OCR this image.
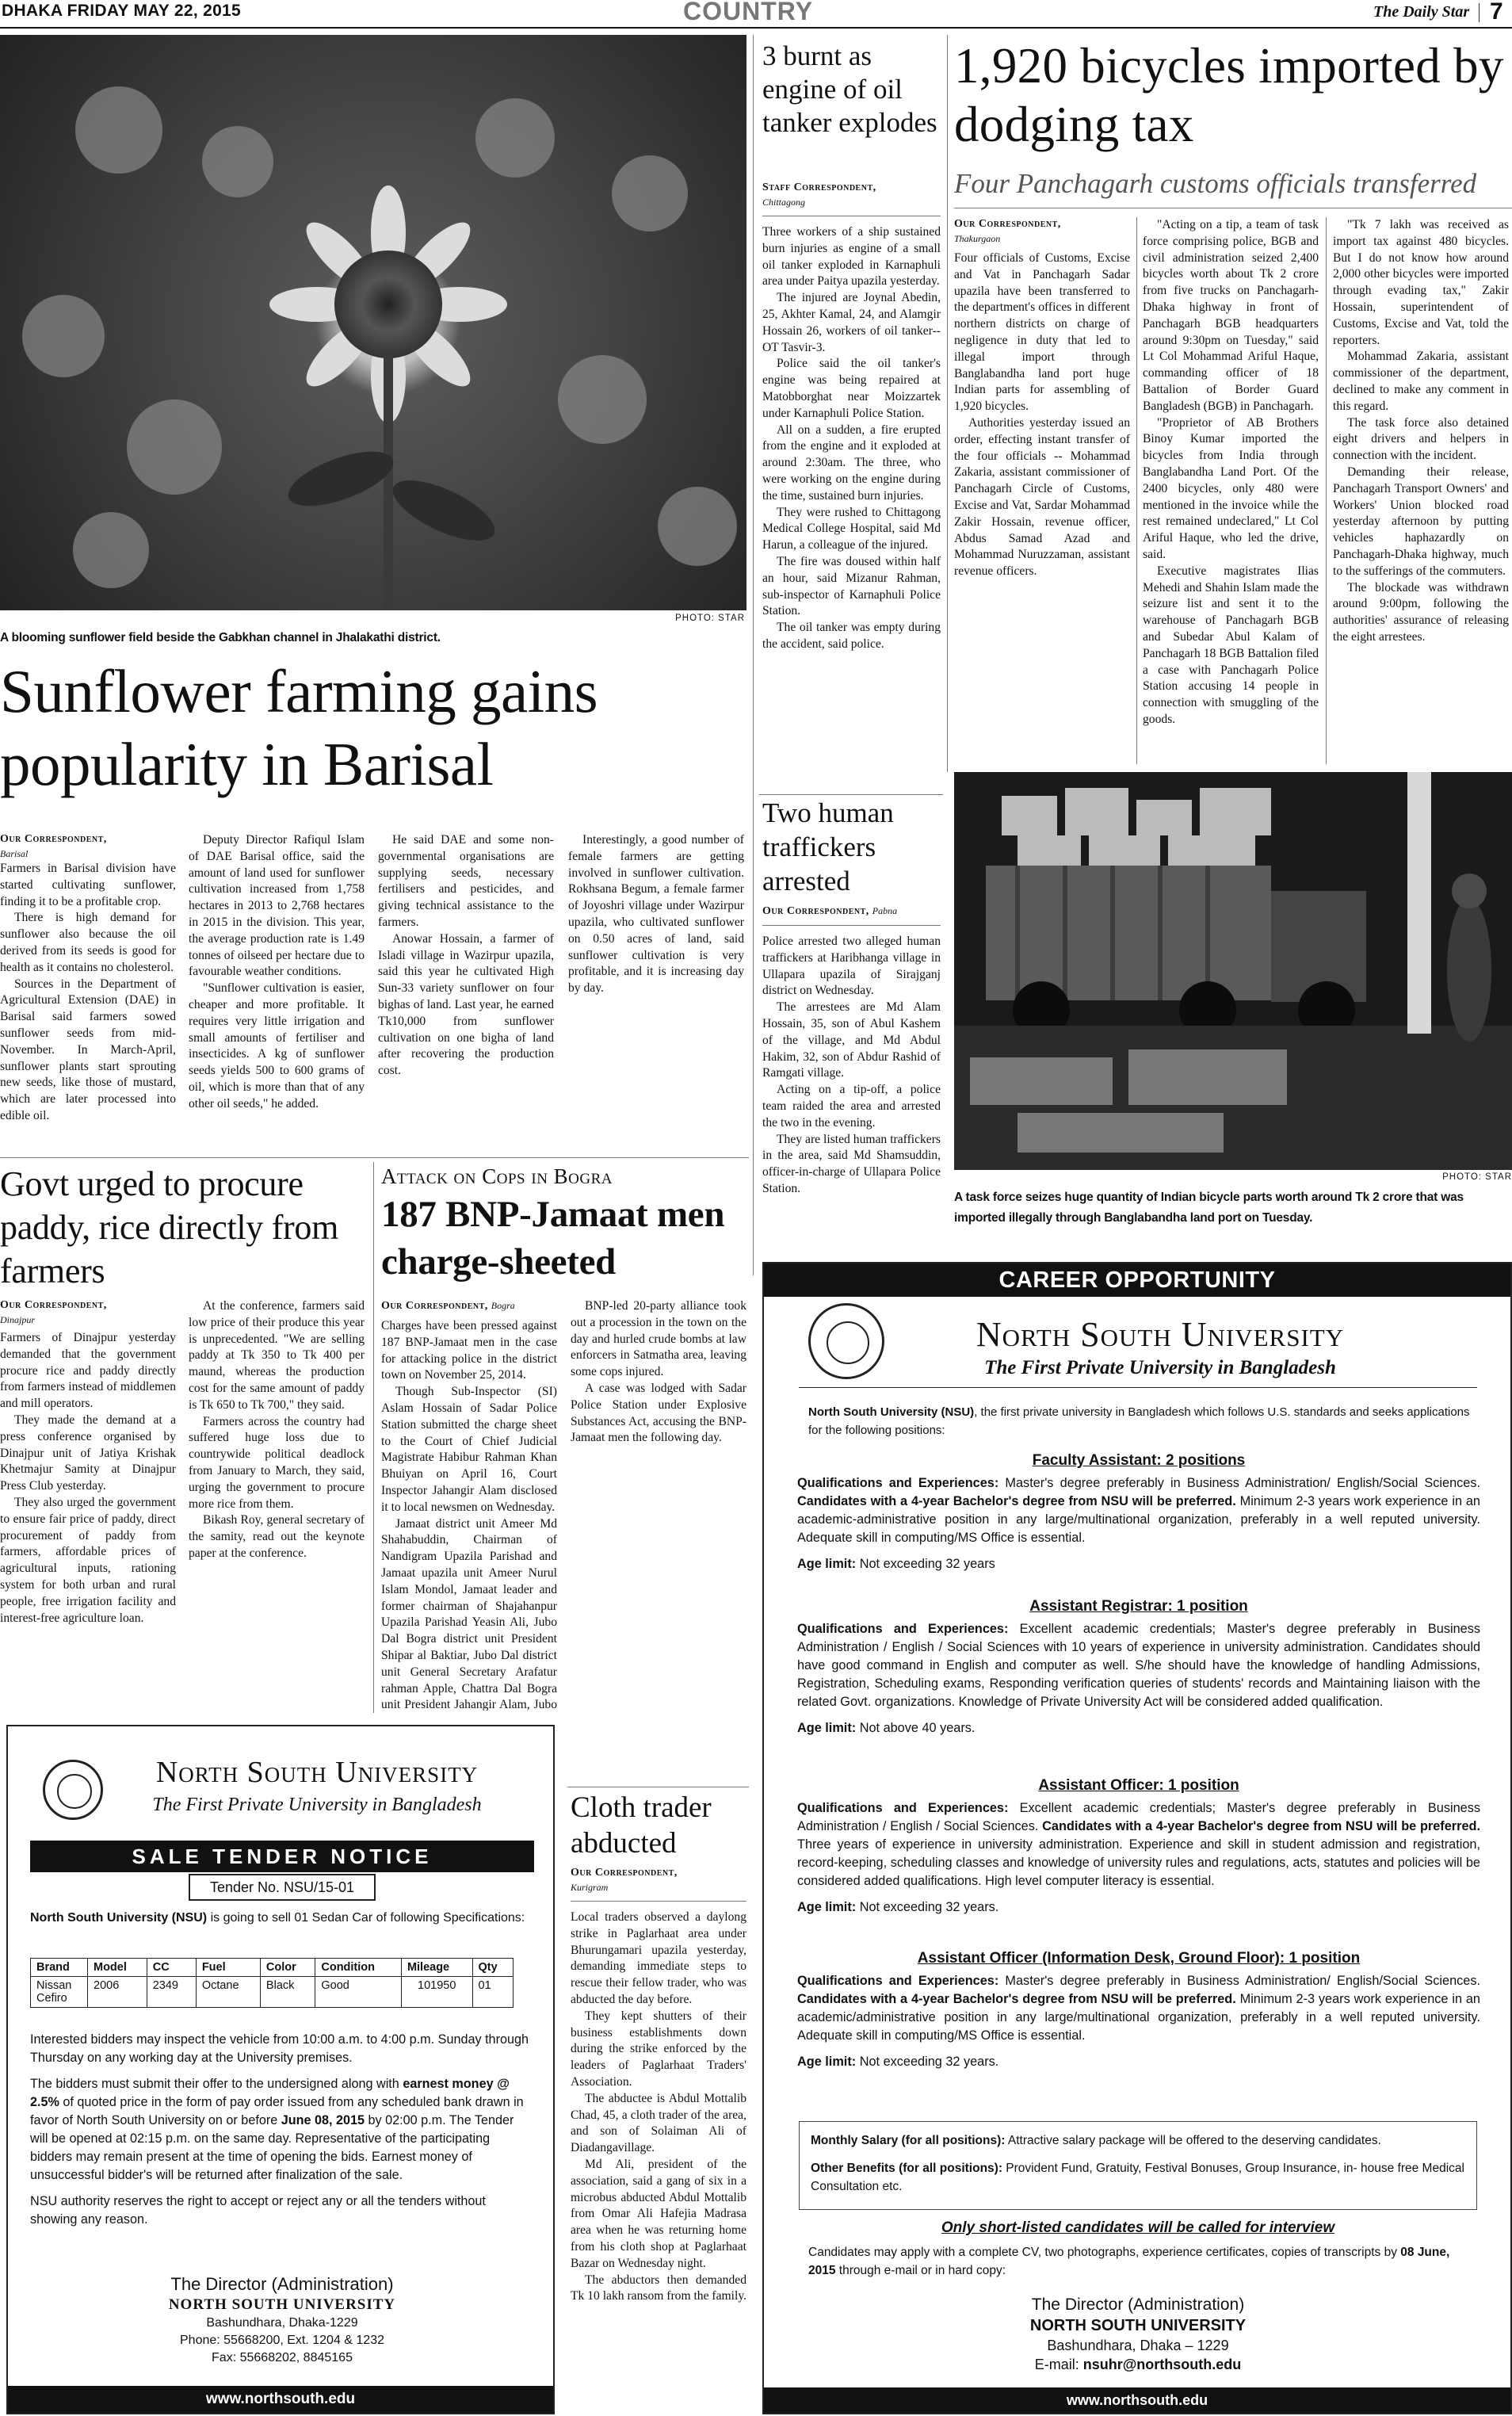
DHAKA FRIDAY MAY 22, 2015	COUNTRY	The Daily Star 7
PHOTO: STAR
A blooming sunflower field beside the Gabkhan channel in Jhalakathi district.
Sunflower farming gains popularity in Barisal
Our Correspondent,
Barisal

Farmers in Barisal division have started cultivating sunflower, finding it to be a profitable crop.

There is high demand for sunflower also because the oil derived from its seeds is good for health as it contains no cholesterol.

Sources in the Department of Agricultural Extension (DAE) in Barisal said farmers sowed sunflower seeds from mid-November. In March-April, sunflower plants start sprouting new seeds, like those of mustard, which are later processed into edible oil.

Deputy Director Rafiqul Islam of DAE Barisal office, said the amount of land used for sunflower cultivation increased from 1,758 hectares in 2013 to 2,768 hectares in 2015 in the division. This year, the average production rate is 1.49 tonnes of oilseed per hectare due to favourable weather conditions.

"Sunflower cultivation is easier, cheaper and more profitable. It requires very little irrigation and small amounts of fertiliser and insecticides. A kg of sunflower seeds yields 500 to 600 grams of oil, which is more than that of any other oil seeds," he added.

He said DAE and some non-governmental organisations are supplying seeds, necessary fertilisers and pesticides, and giving technical assistance to the farmers.

Anowar Hossain, a farmer of Isladi village in Wazirpur upazila, said this year he cultivated High Sun-33 variety sunflower on four bighas of land. Last year, he earned Tk10,000 from sunflower cultivation on one bigha of land after recovering the production cost.

Interestingly, a good number of female farmers are getting involved in sunflower cultivation. Rokhsana Begum, a female farmer of Joyoshri village under Wazirpur upazila, who cultivated sunflower on 0.50 acres of land, said sunflower cultivation is very profitable, and it is increasing day by day.

3 burnt as engine of oil tanker explodes
Staff Correspondent,
Chittagong

Three workers of a ship sustained burn injuries as engine of a small oil tanker exploded in Karnaphuli area under Paitya upazila yesterday.

The injured are Joynal Abedin, 25, Akhter Kamal, 24, and Alamgir Hossain 26, workers of oil tanker-- OT Tasvir-3.

Police said the oil tanker's engine was being repaired at Matobborghat near Moizzartek under Karnaphuli Police Station.

All on a sudden, a fire erupted from the engine and it exploded at around 2:30am. The three, who were working on the engine during the time, sustained burn injuries.

They were rushed to Chittagong Medical College Hospital, said Md Harun, a colleague of the injured.

The fire was doused within half an hour, said Mizanur Rahman, sub-inspector of Karnaphuli Police Station.

The oil tanker was empty during the accident, said police.

Two human traffickers arrested
Our Correspondent, Pabna

Police arrested two alleged human traffickers at Haribhanga village in Ullapara upazila of Sirajganj district on Wednesday.

The arrestees are Md Alam Hossain, 35, son of Abul Kashem of the village, and Md Abdul Hakim, 32, son of Abdur Rashid of Ramgati village.

Acting on a tip-off, a police team raided the area and arrested the two in the evening.

They are listed human traffickers in the area, said Md Shamsuddin, officer-in-charge of Ullapara Police Station.

1,920 bicycles imported by dodging tax
Four Panchagarh customs officials transferred
Our Correspondent,
Thakurgaon

Four officials of Customs, Excise and Vat in Panchagarh Sadar upazila have been transferred to the department's offices in different northern districts on charge of negligence in duty that led to illegal import through Banglabandha land port huge Indian parts for assembling of 1,920 bicycles.

Authorities yesterday issued an order, effecting instant transfer of the four officials -- Mohammad Zakaria, assistant commissioner of Panchagarh Circle of Customs, Excise and Vat, Sardar Mohammad Zakir Hossain, revenue officer, Abdus Samad Azad and Mohammad Nuruzzaman, assistant revenue officers.

"Acting on a tip, a team of task force comprising police, BGB and civil administration seized 2,400 bicycles worth about Tk 2 crore from five trucks on Panchagarh-Dhaka highway in front of Panchagarh BGB headquarters around 9:30pm on Tuesday," said Lt Col Mohammad Ariful Haque, commanding officer of 18 Battalion of Border Guard Bangladesh (BGB) in Panchagarh.

"Proprietor of AB Brothers Binoy Kumar imported the bicycles from India through Banglabandha Land Port. Of the 2400 bicycles, only 480 were mentioned in the invoice while the rest remained undeclared," Lt Col Ariful Haque, who led the drive, said.

Executive magistrates Ilias Mehedi and Shahin Islam made the seizure list and sent it to the warehouse of Panchagarh BGB and Subedar Abul Kalam of Panchagarh 18 BGB Battalion filed a case with Panchagarh Police Station accusing 14 people in connection with smuggling of the goods.

"Tk 7 lakh was received as import tax against 480 bicycles. But I do not know how around 2,000 other bicycles were imported through evading tax," Zakir Hossain, superintendent of Customs, Excise and Vat, told the reporters.

Mohammad Zakaria, assistant commissioner of the department, declined to make any comment in this regard.

The task force also detained eight drivers and helpers in connection with the incident.

Demanding their release, Panchagarh Transport Owners' and Workers' Union blocked road yesterday afternoon by putting vehicles haphazardly on Panchagarh-Dhaka highway, much to the sufferings of the commuters.

The blockade was withdrawn around 9:00pm, following the authorities' assurance of releasing the eight arrestees.

PHOTO: STAR
A task force seizes huge quantity of Indian bicycle parts worth around Tk 2 crore that was imported illegally through Banglabandha land port on Tuesday.
Govt urged to procure paddy, rice directly from farmers
Our Correspondent,
Dinajpur

Farmers of Dinajpur yesterday demanded that the government procure rice and paddy directly from farmers instead of middlemen and mill operators.

They made the demand at a press conference organised by Dinajpur unit of Jatiya Krishak Khetmajur Samity at Dinajpur Press Club yesterday.

They also urged the government to ensure fair price of paddy, direct procurement of paddy from farmers, affordable prices of agricultural inputs, rationing system for both urban and rural people, free irrigation facility and interest-free agriculture loan.

At the conference, farmers said low price of their produce this year is unprecedented. "We are selling paddy at Tk 350 to Tk 400 per maund, whereas the production cost for the same amount of paddy is Tk 650 to Tk 700," they said.

Farmers across the country had suffered huge loss due to countrywide political deadlock from January to March, they said, urging the government to procure more rice from them.

Bikash Roy, general secretary of the samity, read out the keynote paper at the conference.

Attack on Cops in Bogra
187 BNP-Jamaat men charge-sheeted
Our Correspondent, Bogra

Charges have been pressed against 187 BNP-Jamaat men in the case for attacking police in the district town on November 25, 2014.

Though Sub-Inspector (SI) Aslam Hossain of Sadar Police Station submitted the charge sheet to the Court of Chief Judicial Magistrate Habibur Rahman Khan Bhuiyan on April 16, Court Inspector Jahangir Alam disclosed it to local newsmen on Wednesday.

Jamaat district unit Ameer Md Shahabuddin, Chairman of Nandigram Upazila Parishad and Jamaat upazila unit Ameer Nurul Islam Mondol, Jamaat leader and former chairman of Shajahanpur Upazila Parishad Yeasin Ali, Jubo Dal Bogra district unit President Shipar al Baktiar, Jubo Dal district unit General Secretary Arafatur rahman Apple, Chattra Dal Bogra unit President Jahangir Alam, Jubo

BNP-led 20-party alliance took out a procession in the town on the day and hurled crude bombs at law enforcers in Satmatha area, leaving some cops injured.

A case was lodged with Sadar Police Station under Explosive Substances Act, accusing the BNP-Jamaat men the following day.

Cloth trader abducted
Our Correspondent,
Kurigram

Local traders observed a daylong strike in Paglarhaat area under Bhurungamari upazila yesterday, demanding immediate steps to rescue their fellow trader, who was abducted the day before.

They kept shutters of their business establishments down during the strike enforced by the leaders of Paglarhaat Traders' Association.

The abductee is Abdul Mottalib Chad, 45, a cloth trader of the area, and son of Solaiman Ali of Diadangavillage.

Md Ali, president of the association, said a gang of six in a microbus abducted Abdul Mottalib from Omar Ali Hafejia Madrasa area when he was returning home from his cloth shop at Paglarhaat Bazar on Wednesday night.

The abductors then demanded Tk 10 lakh ransom from the family.

North South University
The First Private University in Bangladesh
SALE TENDER NOTICE
Tender No. NSU/15-01

North South University (NSU) is going to sell 01 Sedan Car of following Specifications:

Brand	Model	CC	Fuel	Color	Condition	Mileage	Qty
Nissan Cefiro	2006	2349	Octane	Black	Good	101950	01

Interested bidders may inspect the vehicle from 10:00 a.m. to 4:00 p.m. Sunday through Thursday on any working day at the University premises.

The bidders must submit their offer to the undersigned along with earnest money @ 2.5% of quoted price in the form of pay order issued from any scheduled bank drawn in favor of North South University on or before June 08, 2015 by 02:00 p.m. The Tender will be opened at 02:15 p.m. on the same day. Representative of the participating bidders may remain present at the time of opening the bids. Earnest money of unsuccessful bidder's will be returned after finalization of the sale.

NSU authority reserves the right to accept or reject any or all the tenders without showing any reason.

The Director (Administration)
NORTH SOUTH UNIVERSITY
Bashundhara, Dhaka-1229
Phone: 55668200, Ext. 1204 & 1232
Fax: 55668202, 8845165
www.northsouth.edu
CAREER OPPORTUNITY
North South University
The First Private University in Bangladesh

North South University (NSU), the first private university in Bangladesh which follows U.S. standards and seeks applications for the following positions:

Faculty Assistant: 2 positions

Qualifications and Experiences: Master's degree preferably in Business Administration/ English/Social Sciences. Candidates with a 4-year Bachelor's degree from NSU will be preferred. Minimum 2-3 years work experience in an academic-administrative position in any large/multinational organization, preferably in a well reputed university. Adequate skill in computing/MS Office is essential.

Age limit: Not exceeding 32 years

Assistant Registrar: 1 position

Qualifications and Experiences: Excellent academic credentials; Master's degree preferably in Business Administration / English / Social Sciences with 10 years of experience in university administration. Candidates should have good command in English and computer as well. S/he should have the knowledge of handling Admissions, Registration, Scheduling exams, Responding verification queries of students' records and Maintaining liaison with the related Govt. organizations. Knowledge of Private University Act will be considered added qualification.

Age limit: Not above 40 years.

Assistant Officer: 1 position

Qualifications and Experiences: Excellent academic credentials; Master's degree preferably in Business Administration / English / Social Sciences. Candidates with a 4-year Bachelor's degree from NSU will be preferred. Three years of experience in university administration. Experience and skill in student admission and registration, record-keeping, scheduling classes and knowledge of university rules and regulations, acts, statutes and policies will be considered added qualifications. High level computer literacy is essential.

Age limit: Not exceeding 32 years.

Assistant Officer (Information Desk, Ground Floor): 1 position

Qualifications and Experiences: Master's degree preferably in Business Administration/ English/Social Sciences. Candidates with a 4-year Bachelor's degree from NSU will be preferred. Minimum 2-3 years work experience in an academic/administrative position in any large/multinational organization, preferably in a well reputed university. Adequate skill in computing/MS Office is essential.

Age limit: Not exceeding 32 years.

Monthly Salary (for all positions): Attractive salary package will be offered to the deserving candidates.

Other Benefits (for all positions): Provident Fund, Gratuity, Festival Bonuses, Group Insurance, in- house free Medical Consultation etc.

Only short-listed candidates will be called for interview

Candidates may apply with a complete CV, two photographs, experience certificates, copies of transcripts by 08 June, 2015 through e-mail or in hard copy:

The Director (Administration)
NORTH SOUTH UNIVERSITY
Bashundhara, Dhaka – 1229
E-mail: nsuhr@northsouth.edu
www.northsouth.edu
